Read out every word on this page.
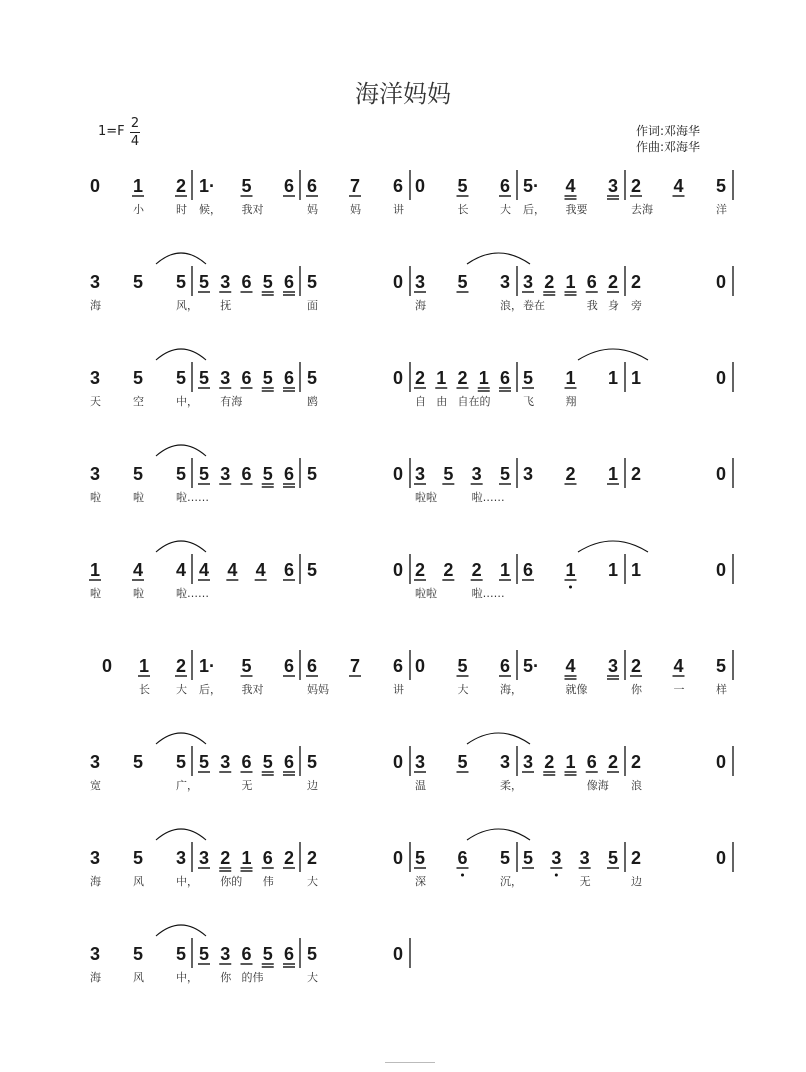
海洋妈妈
1=F
2
4
作词:邓海华
作曲:邓海华
0 1
小
2
时
1·
候，
5
我对
6 6
妈
7
妈
6
讲
0 5
长
6
大
5·
后，
4
我要
3 2
去海
4 5
洋
3
海
5 5
风，
5 3
抚
6 5 6 5
面
0 3
海
5 3
浪，
3
卷在
2 1 6
我
2
身
2
旁
0
3
天
5
空
5
中，
5 3
有海
6 5 6 5
鸥
0 2
自
1
由
2
自在的
1 6 5
飞
1
翔
1 1	0
3
啦
5
啦
5
啦……
5 3 6 5 6 5	0 3
啦啦
5 3
啦……
5 3 2 1 2	0
1
啦
4
啦
4
啦……
4 4 4 6 5	0 2
啦啦
2 2
啦……
1 6 1 1 1	0
0 1
长
2
大
1·
后，
5
我对
6 6
妈妈
7 6
讲
0 5
大
6
海，
5· 4
就像
3 2
你
4
一
5
样
3
宽
5 5
广，
5 3 6
无
5 6 5
边
0 3
温
5 3
柔，
3 2 1 6
像海
2 2
浪
0
3
海
5
风
3
中，
3 2
你的
1 6
伟
2 2
大
0 5
深
6 5
沉，
5 3 3
无
5 2
边
0
3
海
5
风
5
中，
5 3
你
6
的伟
5 6 5
大
0
